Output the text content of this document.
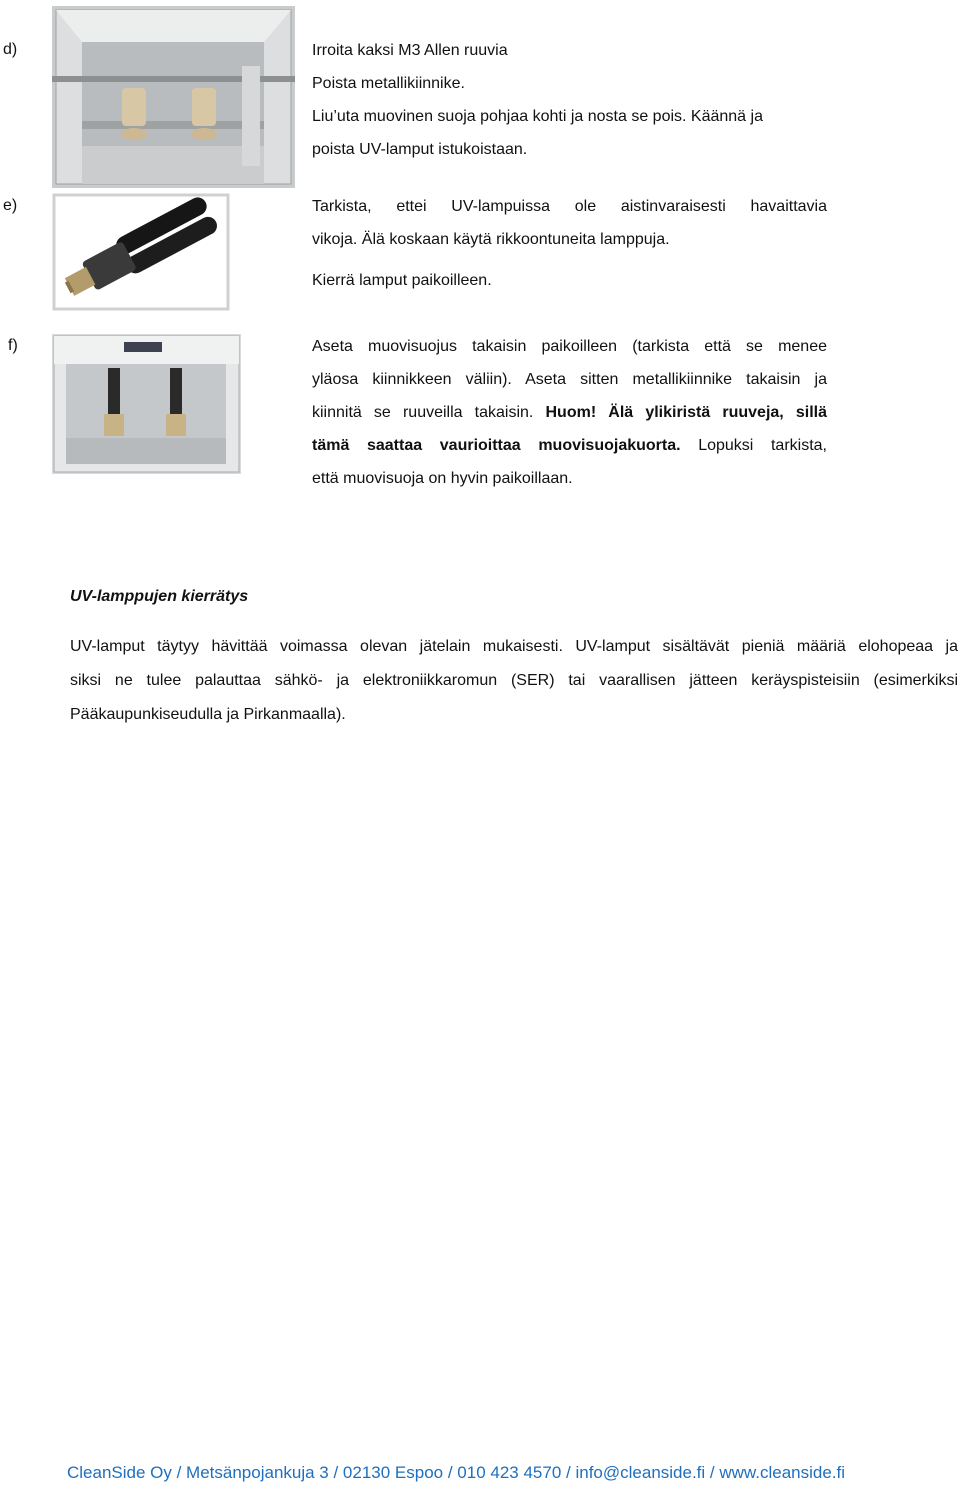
d)	Irroita kaksi M3 Allen ruuvia

Poista metallikiinnike.

Liu’uta muovinen suoja pohjaa kohti ja nosta se pois. Käännä ja

poista UV-lamput istukoistaan.

e)	Tarkista, ettei UV-lampuissa ole aistinvaraisesti havaittavia

vikoja. Älä koskaan käytä rikkoontuneita lamppuja.

Kierrä lamput paikoilleen.

f)	Aseta muovisuojus takaisin paikoilleen (tarkista että se menee

yläosa kiinnikkeen väliin). Aseta sitten metallikiinnike takaisin ja

kiinnitä se ruuveilla takaisin. Huom! Älä ylikiristä ruuveja, sillä

tämä saattaa vaurioittaa muovisuojakuorta. Lopuksi tarkista,

että muovisuoja on hyvin paikoillaan.

UV-lamppujen kierrätys

UV-lamput täytyy hävittää voimassa olevan jätelain mukaisesti. UV-lamput sisältävät pieniä määriä elohopeaa ja

siksi ne tulee palauttaa sähkö- ja elektroniikkaromun (SER) tai vaarallisen jätteen keräyspisteisiin (esimerkiksi

Pääkaupunkiseudulla ja Pirkanmaalla).

CleanSide Oy / Metsänpojankuja 3 / 02130 Espoo / 010 423 4570 / info@cleanside.fi / www.cleanside.fi
